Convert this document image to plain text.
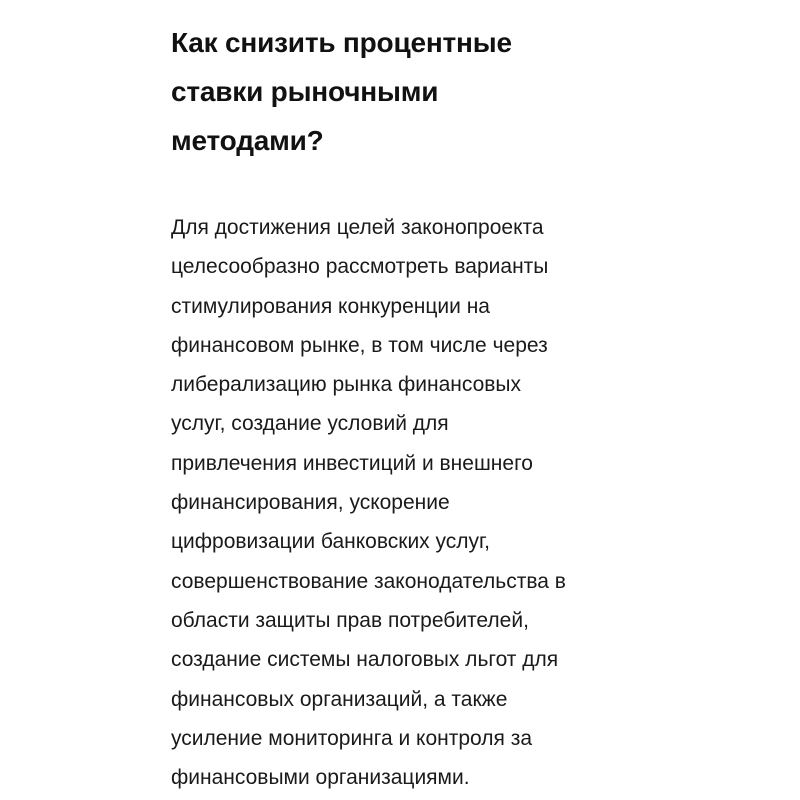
Как снизить процентные
ставки рыночными
методами?

Для достижения целей законопроекта
целесообразно рассмотреть варианты
стимулирования конкуренции на
финансовом рынке, в том числе через
либерализацию рынка финансовых
услуг, создание условий для
привлечения инвестиций и внешнего
финансирования, ускорение
цифровизации банковских услуг,
совершенствование законодательства в
области защиты прав потребителей,
создание системы налоговых льгот для
финансовых организаций, а также
усиление мониторинга и контроля за
финансовыми организациями.
